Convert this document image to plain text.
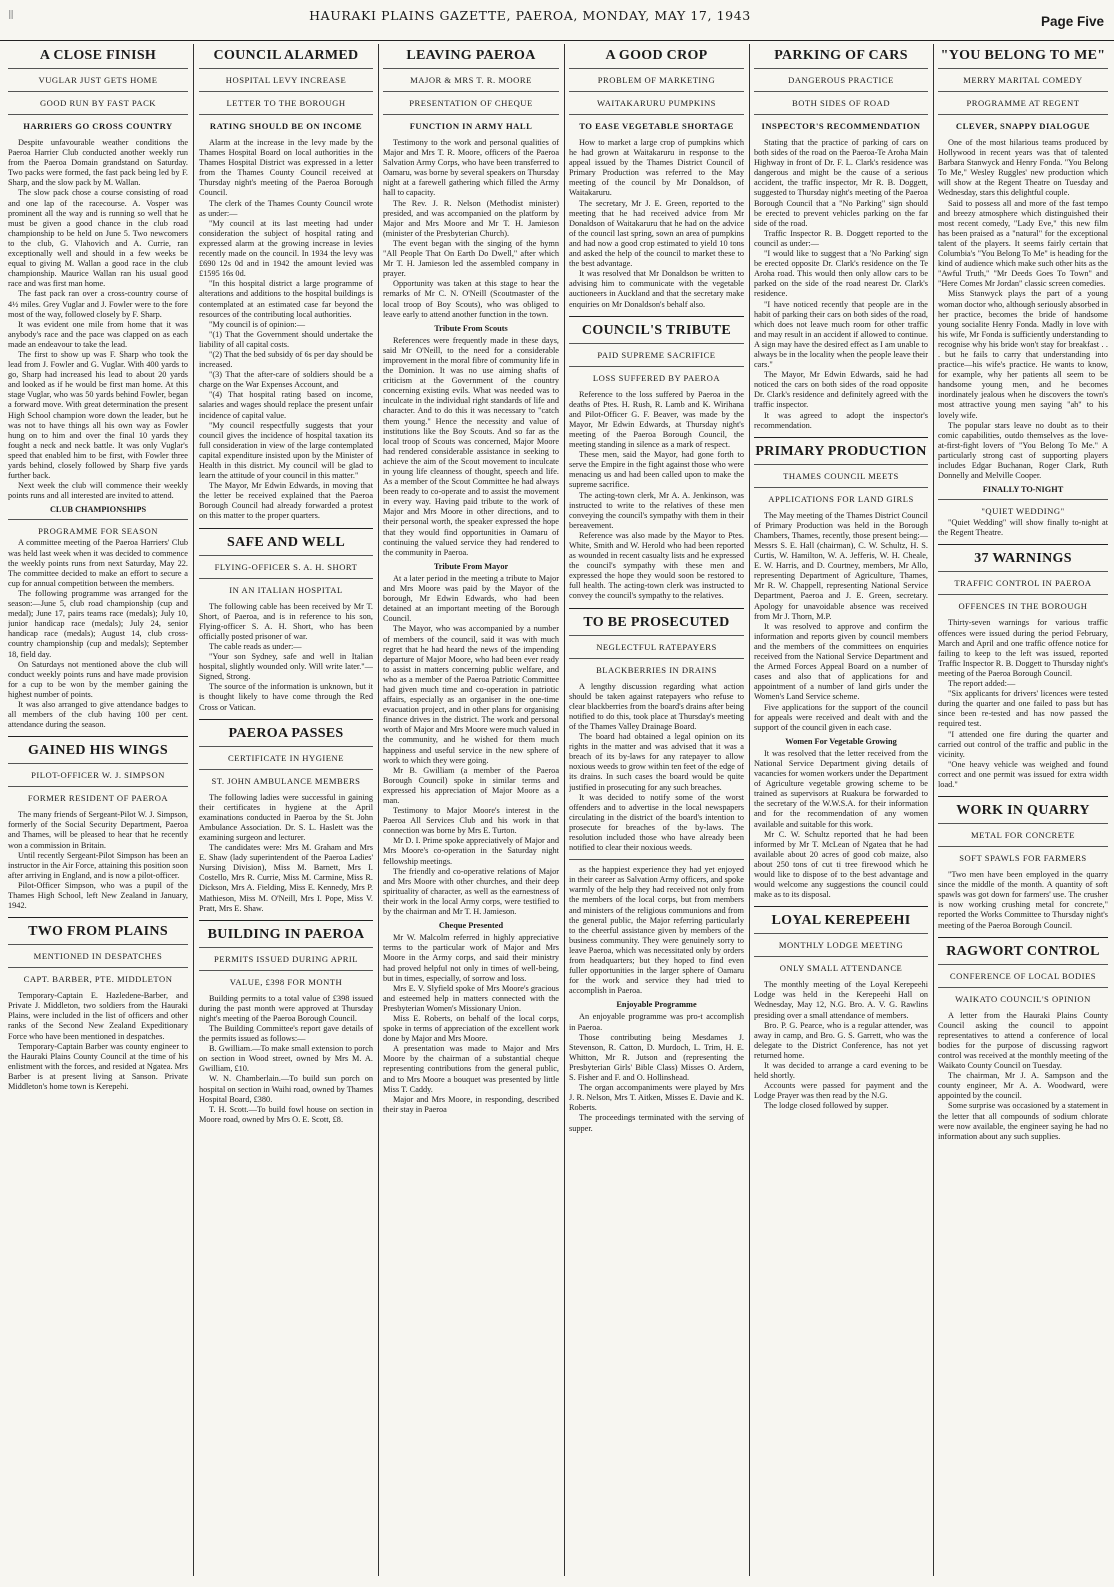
ǁ	HAURAKI PLAINS GAZETTE, PAEROA, MONDAY, MAY 17, 1943	Page Five
A CLOSE FINISH
VUGLAR JUST GETS HOME
GOOD RUN BY FAST PACK
HARRIERS GO CROSS COUNTRY

Despite unfavourable weather conditions the Paeroa Harrier Club conducted another weekly run from the Paeroa Domain grandstand on Saturday. Two packs were formed, the fast pack being led by F. Sharp, and the slow pack by M. Wallan.

The slow pack chose a course consisting of road and one lap of the racecourse. A. Vosper was prominent all the way and is running so well that he must be given a good chance in the club road championship to be held on June 5. Two newcomers to the club, G. Vlahovich and A. Currie, ran exceptionally well and should in a few weeks be equal to giving M. Wallan a good race in the club championship. Maurice Wallan ran his usual good race and was first man home.

The fast pack ran over a cross-country course of 4½ miles. Grey Vuglar and J. Fowler were to the fore most of the way, followed closely by F. Sharp.

It was evident one mile from home that it was anybody's race and the pace was clapped on as each made an endeavour to take the lead.

The first to show up was F. Sharp who took the lead from J. Fowler and G. Vuglar. With 400 yards to go, Sharp had increased his lead to about 20 yards and looked as if he would be first man home. At this stage Vuglar, who was 50 yards behind Fowler, began a forward move. With great determination the present High School champion wore down the leader, but he was not to have things all his own way as Fowler hung on to him and over the final 10 yards they fought a neck and neck battle. It was only Vuglar's speed that enabled him to be first, with Fowler three yards behind, closely followed by Sharp five yards further back.

Next week the club will commence their weekly points runs and all interested are invited to attend.

CLUB CHAMPIONSHIPS
PROGRAMME FOR SEASON

A committee meeting of the Paeroa Harriers' Club was held last week when it was decided to commence the weekly points runs from next Saturday, May 22. The committee decided to make an effort to secure a cup for annual competition between the members.

The following programme was arranged for the season:—June 5, club road championship (cup and medal); June 17, pairs teams race (medals); July 10, junior handicap race (medals); July 24, senior handicap race (medals); August 14, club cross-country championship (cup and medals); September 18, field day.

On Saturdays not mentioned above the club will conduct weekly points runs and have made provision for a cup to be won by the member gaining the highest number of points.

It was also arranged to give attendance badges to all members of the club having 100 per cent. attendance during the season.

GAINED HIS WINGS
PILOT-OFFICER W. J. SIMPSON
FORMER RESIDENT OF PAEROA

The many friends of Sergeant-Pilot W. J. Simpson, formerly of the Social Security Department, Paeroa and Thames, will be pleased to hear that he recently won a commission in Britain.

Until recently Sergeant-Pilot Simpson has been an instructor in the Air Force, attaining this position soon after arriving in England, and is now a pilot-officer.

Pilot-Officer Simpson, who was a pupil of the Thames High School, left New Zealand in January, 1942.

TWO FROM PLAINS
MENTIONED IN DESPATCHES
CAPT. BARBER, PTE. MIDDLETON

Temporary-Captain E. Hazledene-Barber, and Private J. Middleton, two soldiers from the Hauraki Plains, were included in the list of officers and other ranks of the Second New Zealand Expeditionary Force who have been mentioned in despatches.

Temporary-Captain Barber was county engineer to the Hauraki Plains County Council at the time of his enlistment with the forces, and resided at Ngatea. Mrs Barber is at present living at Sanson. Private Middleton's home town is Kerepehi.

COUNCIL ALARMED
HOSPITAL LEVY INCREASE
LETTER TO THE BOROUGH
RATING SHOULD BE ON INCOME

Alarm at the increase in the levy made by the Thames Hospital Board on local authorities in the Thames Hospital District was expressed in a letter from the Thames County Council received at Thursday night's meeting of the Paeroa Borough Council.

The clerk of the Thames County Council wrote as under:—

"My council at its last meeting had under consideration the subject of hospital rating and expressed alarm at the growing increase in levies recently made on the council. In 1934 the levy was £690 12s 0d and in 1942 the amount levied was £1595 16s 0d.

"In this hospital district a large programme of alterations and additions to the hospital buildings is contemplated at an estimated case far beyond the resources of the contributing local authorities.

"My council is of opinion:—

"(1) That the Government should undertake the liability of all capital costs.

"(2) That the bed subsidy of 6s per day should be increased.

"(3) That the after-care of soldiers should be a charge on the War Expenses Account, and

"(4) That hospital rating based on income, salaries and wages should replace the present unfair incidence of capital value.

"My council respectfully suggests that your council gives the incidence of hospital taxation its full consideration in view of the large contemplated capital expenditure insisted upon by the Minister of Health in this district. My council will be glad to learn the attitude of your council in this matter."

The Mayor, Mr Edwin Edwards, in moving that the letter be received explained that the Paeroa Borough Council had already forwarded a protest on this matter to the proper quarters.

SAFE AND WELL
FLYING-OFFICER S. A. H. SHORT
IN AN ITALIAN HOSPITAL

The following cable has been received by Mr T. Short, of Paeroa, and is in reference to his son, Flying-officer S. A. H. Short, who has been officially posted prisoner of war.

The cable reads as under:—

"Your son Sydney, safe and well in Italian hospital, slightly wounded only. Will write later."—Signed, Strong.

The source of the information is unknown, but it is thought likely to have come through the Red Cross or Vatican.

PAEROA PASSES
CERTIFICATE IN HYGIENE
ST. JOHN AMBULANCE MEMBERS

The following ladies were successful in gaining their certificates in hygiene at the April examinations conducted in Paeroa by the St. John Ambulance Association. Dr. S. L. Haslett was the examining surgeon and lecturer.

The candidates were: Mrs M. Graham and Mrs E. Shaw (lady superintendent of the Paeroa Ladies' Nursing Division), Miss M. Barnett, Mrs I. Costello, Mrs R. Currie, Miss M. Carmine, Miss R. Dickson, Mrs A. Fielding, Miss E. Kennedy, Mrs P. Mathieson, Miss M. O'Neill, Mrs I. Pope, Miss V. Pratt, Mrs E. Shaw.

BUILDING IN PAEROA
PERMITS ISSUED DURING APRIL
VALUE, £398 FOR MONTH

Building permits to a total value of £398 issued during the past month were approved at Thursday night's meeting of the Paeroa Borough Council.

The Building Committee's report gave details of the permits issued as follows:—

B. Gwilliam.—To make small extension to porch on section in Wood street, owned by Mrs M. A. Gwilliam, £10.

W. N. Chamberlain.—To build sun porch on hospital on section in Waihi road, owned by Thames Hospital Board, £380.

T. H. Scott.—To build fowl house on section in Moore road, owned by Mrs O. E. Scott, £8.

LEAVING PAEROA
MAJOR & MRS T. R. MOORE
PRESENTATION OF CHEQUE
FUNCTION IN ARMY HALL

Testimony to the work and personal qualities of Major and Mrs T. R. Moore, officers of the Paeroa Salvation Army Corps, who have been transferred to Oamaru, was borne by several speakers on Thursday night at a farewell gathering which filled the Army hall to capacity.

The Rev. J. R. Nelson (Methodist minister) presided, and was accompanied on the platform by Major and Mrs Moore and Mr T. H. Jamieson (minister of the Presbyterian Church).

The event began with the singing of the hymn "All People That On Earth Do Dwell," after which Mr T. H. Jamieson led the assembled company in prayer.

Opportunity was taken at this stage to hear the remarks of Mr C. N. O'Neill (Scoutmaster of the local troop of Boy Scouts), who was obliged to leave early to attend another function in the town.

Tribute From Scouts

References were frequently made in these days, said Mr O'Neill, to the need for a considerable improvement in the moral fibre of community life in the Dominion. It was no use aiming shafts of criticism at the Government of the country concerning existing evils. What was needed was to inculcate in the individual right standards of life and character. And to do this it was necessary to "catch them young." Hence the necessity and value of institutions like the Boy Scouts. And so far as the local troop of Scouts was concerned, Major Moore had rendered considerable assistance in seeking to achieve the aim of the Scout movement to inculcate in young life cleanness of thought, speech and life. As a member of the Scout Committee he had always been ready to co-operate and to assist the movement in every way. Having paid tribute to the work of Major and Mrs Moore in other directions, and to their personal worth, the speaker expressed the hope that they would find opportunities in Oamaru of continuing the valued service they had rendered to the community in Paeroa.

Tribute From Mayor

At a later period in the meeting a tribute to Major and Mrs Moore was paid by the Mayor of the borough, Mr Edwin Edwards, who had been detained at an important meeting of the Borough Council.

The Mayor, who was accompanied by a number of members of the council, said it was with much regret that he had heard the news of the impending departure of Major Moore, who had been ever ready to assist in matters concerning public welfare, and who as a member of the Paeroa Patriotic Committee had given much time and co-operation in patriotic affairs, especially as an organiser in the one-time evacuation project, and in other plans for organising finance drives in the district. The work and personal worth of Major and Mrs Moore were much valued in the community, and he wished for them much happiness and useful service in the new sphere of work to which they were going.

Mr B. Gwilliam (a member of the Paeroa Borough Council) spoke in similar terms and expressed his appreciation of Major Moore as a man.

Testimony to Major Moore's interest in the Paeroa All Services Club and his work in that connection was borne by Mrs E. Turton.

Mr D. I. Prime spoke appreciatively of Major and Mrs Moore's co-operation in the Saturday night fellowship meetings.

The friendly and co-operative relations of Major and Mrs Moore with other churches, and their deep spirituality of character, as well as the earnestness of their work in the local Army corps, were testified to by the chairman and Mr T. H. Jamieson.

Cheque Presented

Mr W. Malcolm referred in highly appreciative terms to the particular work of Major and Mrs Moore in the Army corps, and said their ministry had proved helpful not only in times of well-being, but in times, especially, of sorrow and loss.

Mrs E. V. Slyfield spoke of Mrs Moore's gracious and esteemed help in matters connected with the Presbyterian Women's Missionary Union.

Miss E. Roberts, on behalf of the local corps, spoke in terms of appreciation of the excellent work done by Major and Mrs Moore.

A presentation was made to Major and Mrs Moore by the chairman of a substantial cheque representing contributions from the general public, and to Mrs Moore a bouquet was presented by little Miss T. Caddy.

Major and Mrs Moore, in responding, described their stay in Paeroa

A GOOD CROP
PROBLEM OF MARKETING
WAITAKARURU PUMPKINS
TO EASE VEGETABLE SHORTAGE

How to market a large crop of pumpkins which he had grown at Waitakaruru in response to the appeal issued by the Thames District Council of Primary Production was referred to the May meeting of the council by Mr Donaldson, of Waitakaruru.

The secretary, Mr J. E. Green, reported to the meeting that he had received advice from Mr Donaldson of Waitakaruru that he had on the advice of the council last spring, sown an area of pumpkins and had now a good crop estimated to yield 10 tons and asked the help of the council to market these to the best advantage.

It was resolved that Mr Donaldson be written to advising him to communicate with the vegetable auctioneers in Auckland and that the secretary make enquiries on Mr Donaldson's behalf also.

COUNCIL'S TRIBUTE
PAID SUPREME SACRIFICE
LOSS SUFFERED BY PAEROA

Reference to the loss suffered by Paeroa in the deaths of Ptes. H. Rush, R. Lamb and K. Wirihana and Pilot-Officer G. F. Beaver, was made by the Mayor, Mr Edwin Edwards, at Thursday night's meeting of the Paeroa Borough Council, the meeting standing in silence as a mark of respect.

These men, said the Mayor, had gone forth to serve the Empire in the fight against those who were menacing us and had been called upon to make the supreme sacrifice.

The acting-town clerk, Mr A. A. Jenkinson, was instructed to write to the relatives of these men conveying the council's sympathy with them in their bereavement.

Reference was also made by the Mayor to Ptes. White, Smith and W. Herold who had been reported as wounded in recent casualty lists and he expressed the council's sympathy with these men and expressed the hope they would soon be restored to full health. The acting-town clerk was instructed to convey the council's sympathy to the relatives.

TO BE PROSECUTED
NEGLECTFUL RATEPAYERS
BLACKBERRIES IN DRAINS

A lengthy discussion regarding what action should be taken against ratepayers who refuse to clear blackberries from the board's drains after being notified to do this, took place at Thursday's meeting of the Thames Valley Drainage Board.

The board had obtained a legal opinion on its rights in the matter and was advised that it was a breach of its by-laws for any ratepayer to allow noxious weeds to grow within ten feet of the edge of its drains. In such cases the board would be quite justified in prosecuting for any such breaches.

It was decided to notify some of the worst offenders and to advertise in the local newspapers circulating in the district of the board's intention to prosecute for breaches of the by-laws. The resolution included those who have already been notified to clear their noxious weeds.

as the happiest experience they had yet enjoyed in their career as Salvation Army officers, and spoke warmly of the help they had received not only from the members of the local corps, but from members and ministers of the religious communions and from the general public, the Major referring particularly to the cheerful assistance given by members of the business community. They were genuinely sorry to leave Paeroa, which was necessitated only by orders from headquarters; but they hoped to find even fuller opportunities in the larger sphere of Oamaru for the work and service they had tried to accomplish in Paeroa.

Enjoyable Programme

An enjoyable programme was pro-t accomplish in Paeroa.

Those contributing being Mesdames J. Stevenson, R. Catton, D. Murdoch, L. Trim, H. E. Whitton, Mr R. Jutson and (representing the Presbyterian Girls' Bible Class) Misses O. Ardern, S. Fisher and F. and O. Hollinshead.

The organ accompaniments were played by Mrs J. R. Nelson, Mrs T. Aitken, Misses E. Davie and K. Roberts.

The proceedings terminated with the serving of supper.

PARKING OF CARS
DANGEROUS PRACTICE
BOTH SIDES OF ROAD
INSPECTOR'S RECOMMENDATION

Stating that the practice of parking of cars on both sides of the road on the Paeroa-Te Aroha Main Highway in front of Dr. F. L. Clark's residence was dangerous and might be the cause of a serious accident, the traffic inspector, Mr R. B. Doggett, suggested to Thursday night's meeting of the Paeroa Borough Council that a "No Parking" sign should be erected to prevent vehicles parking on the far side of the road.

Traffic Inspector R. B. Doggett reported to the council as under:—

"I would like to suggest that a 'No Parking' sign be erected opposite Dr. Clark's residence on the Te Aroha road. This would then only allow cars to be parked on the side of the road nearest Dr. Clark's residence.

"I have noticed recently that people are in the habit of parking their cars on both sides of the road, which does not leave much room for other traffic and may result in an accident if allowed to continue. A sign may have the desired effect as I am unable to always be in the locality when the people leave their cars."

The Mayor, Mr Edwin Edwards, said he had noticed the cars on both sides of the road opposite Dr. Clark's residence and definitely agreed with the traffic inspector.

It was agreed to adopt the inspector's recommendation.

PRIMARY PRODUCTION
THAMES COUNCIL MEETS
APPLICATIONS FOR LAND GIRLS

The May meeting of the Thames District Council of Primary Production was held in the Borough Chambers, Thames, recently, those present being:—Messrs S. E. Hall (chairman), C. W. Schultz, H. S. Curtis, W. Hamilton, W. A. Jefferis, W. H. Cheale, E. W. Harris, and D. Courtney, members, Mr Allo, representing Department of Agriculture, Thames, Mr R. W. Chappell, representing National Service Department, Paeroa and J. E. Green, secretary. Apology for unavoidable absence was received from Mr J. Thorn, M.P.

It was resolved to approve and confirm the information and reports given by council members and the members of the committees on enquiries received from the National Service Department and the Armed Forces Appeal Board on a number of cases and also that of applications for and appointment of a number of land girls under the Women's Land Service scheme.

Five applications for the support of the council for appeals were received and dealt with and the support of the council given in each case.

Women For Vegetable Growing

It was resolved that the letter received from the National Service Department giving details of vacancies for women workers under the Department of Agriculture vegetable growing scheme to be trained as supervisors at Ruakura be forwarded to the secretary of the W.W.S.A. for their information and for the recommendation of any women available and suitable for this work.

Mr C. W. Schultz reported that he had been informed by Mr T. McLean of Ngatea that he had available about 20 acres of good cob maize, also about 250 tons of cut ti tree firewood which he would like to dispose of to the best advantage and would welcome any suggestions the council could make as to its disposal.

LOYAL KEREPEEHI
MONTHLY LODGE MEETING
ONLY SMALL ATTENDANCE

The monthly meeting of the Loyal Kerepeehi Lodge was held in the Kerepeehi Hall on Wednesday, May 12, N.G. Bro. A. V. G. Rawlins presiding over a small attendance of members.

Bro. P. G. Pearce, who is a regular attender, was away in camp, and Bro. G. S. Garrett, who was the delegate to the District Conference, has not yet returned home.

It was decided to arrange a card evening to be held shortly.

Accounts were passed for payment and the Lodge Prayer was then read by the N.G.

The lodge closed followed by supper.

"YOU BELONG TO ME"
MERRY MARITAL COMEDY
PROGRAMME AT REGENT
CLEVER, SNAPPY DIALOGUE

One of the most hilarious teams produced by Hollywood in recent years was that of talented Barbara Stanwyck and Henry Fonda. "You Belong To Me," Wesley Ruggles' new production which will show at the Regent Theatre on Tuesday and Wednesday, stars this delightful couple.

Said to possess all and more of the fast tempo and breezy atmosphere which distinguished their most recent comedy, "Lady Eve," this new film has been praised as a "natural" for the exceptional talent of the players. It seems fairly certain that Columbia's "You Belong To Me" is heading for the kind of audience which make such other hits as the "Awful Truth," "Mr Deeds Goes To Town" and "Here Comes Mr Jordan" classic screen comedies.

Miss Stanwyck plays the part of a young woman doctor who, although seriously absorbed in her practice, becomes the bride of handsome young socialite Henry Fonda. Madly in love with his wife, Mr Fonda is sufficiently understanding to recognise why his bride won't stay for breakfast . . . but he fails to carry that understanding into practice—his wife's practice. He wants to know, for example, why her patients all seem to be handsome young men, and he becomes inordinately jealous when he discovers the town's most attractive young men saying "ah" to his lovely wife.

The popular stars leave no doubt as to their comic capabilities, outdo themselves as the love-at-first-fight lovers of "You Belong To Me." A particularly strong cast of supporting players includes Edgar Buchanan, Roger Clark, Ruth Donnelly and Melville Cooper.

FINALLY TO-NIGHT
"QUIET WEDDING"

"Quiet Wedding" will show finally to-night at the Regent Theatre.

37 WARNINGS
TRAFFIC CONTROL IN PAEROA
OFFENCES IN THE BOROUGH

Thirty-seven warnings for various traffic offences were issued during the period February, March and April and one traffic offence notice for failing to keep to the left was issued, reported Traffic Inspector R. B. Doggett to Thursday night's meeting of the Paeroa Borough Council.

The report added:—

"Six applicants for drivers' licences were tested during the quarter and one failed to pass but has since been re-tested and has now passed the required test.

"I attended one fire during the quarter and carried out control of the traffic and public in the vicinity.

"One heavy vehicle was weighed and found correct and one permit was issued for extra width load."

WORK IN QUARRY
METAL FOR CONCRETE
SOFT SPAWLS FOR FARMERS

"Two men have been employed in the quarry since the middle of the month. A quantity of soft spawls was got down for farmers' use. The crusher is now working crushing metal for concrete," reported the Works Committee to Thursday night's meeting of the Paeroa Borough Council.

RAGWORT CONTROL
CONFERENCE OF LOCAL BODIES
WAIKATO COUNCIL'S OPINION

A letter from the Hauraki Plains County Council asking the council to appoint representatives to attend a conference of local bodies for the purpose of discussing ragwort control was received at the monthly meeting of the Waikato County Council on Tuesday.

The chairman, Mr J. A. Sampson and the county engineer, Mr A. A. Woodward, were appointed by the council.

Some surprise was occasioned by a statement in the letter that all compounds of sodium chlorate were now available, the engineer saying he had no information about any such supplies.
